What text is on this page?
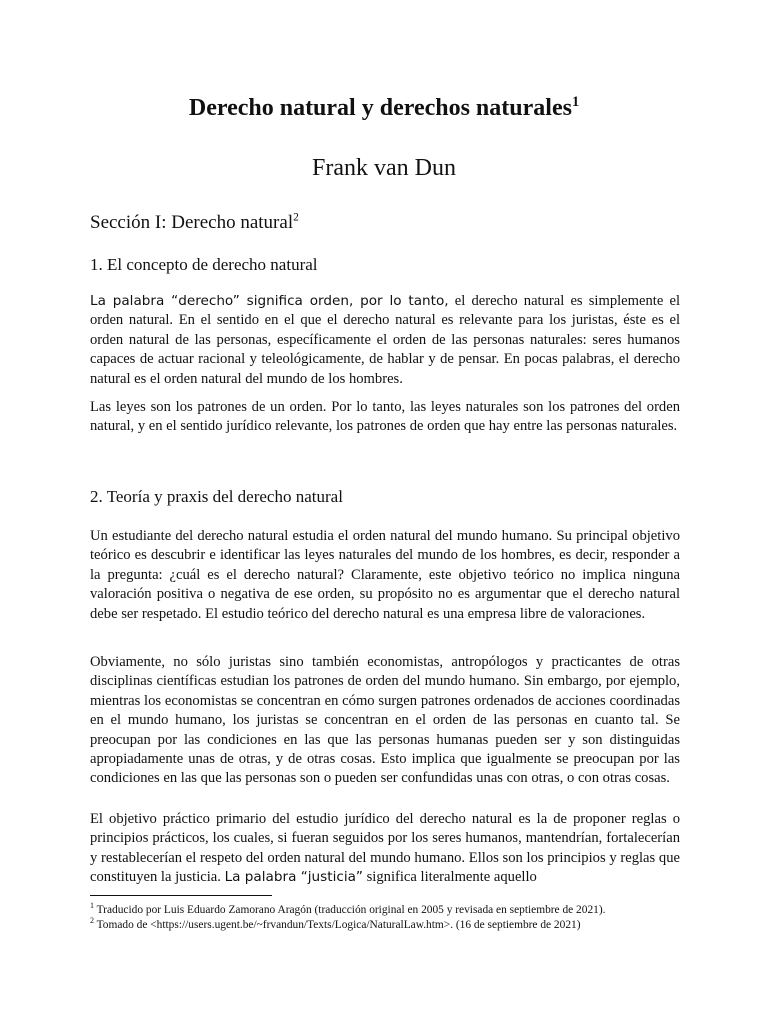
Derecho natural y derechos naturales$^1$
Frank van Dun
Sección I: Derecho natural$^2$
1. El concepto de derecho natural

La palabra “derecho” significa orden, por lo tanto, el derecho natural es simplemente el orden natural. En el sentido en el que el derecho natural es relevante para los juristas, éste es el orden natural de las personas, específicamente el orden de las personas naturales: seres humanos capaces de actuar racional y teleológicamente, de hablar y de pensar. En pocas palabras, el derecho natural es el orden natural del mundo de los hombres.

Las leyes son los patrones de un orden. Por lo tanto, las leyes naturales son los patrones del orden natural, y en el sentido jurídico relevante, los patrones de orden que hay entre las personas naturales.

2. Teoría y praxis del derecho natural

Un estudiante del derecho natural estudia el orden natural del mundo humano. Su principal objetivo teórico es descubrir e identificar las leyes naturales del mundo de los hombres, es decir, responder a la pregunta: ¿cuál es el derecho natural? Claramente, este objetivo teórico no implica ninguna valoración positiva o negativa de ese orden, su propósito no es argumentar que el derecho natural debe ser respetado. El estudio teórico del derecho natural es una empresa libre de valoraciones.

Obviamente, no sólo juristas sino también economistas, antropólogos y practicantes de otras disciplinas científicas estudian los patrones de orden del mundo humano. Sin embargo, por ejemplo, mientras los economistas se concentran en cómo surgen patrones ordenados de acciones coordinadas en el mundo humano, los juristas se concentran en el orden de las personas en cuanto tal. Se preocupan por las condiciones en las que las personas humanas pueden ser y son distinguidas apropiadamente unas de otras, y de otras cosas. Esto implica que igualmente se preocupan por las condiciones en las que las personas son o pueden ser confundidas unas con otras, o con otras cosas.

El objetivo práctico primario del estudio jurídico del derecho natural es la de proponer reglas o principios prácticos, los cuales, si fueran seguidos por los seres humanos, mantendrían, fortalecerían y restablecerían el respeto del orden natural del mundo humano. Ellos son los principios y reglas que constituyen la justicia. La palabra “justicia” significa literalmente aquello

$^1$ Traducido por Luis Eduardo Zamorano Aragón (traducción original en 2005 y revisada en septiembre de 2021).

$^2$ Tomado de <https://users.ugent.be/~frvandun/Texts/Logica/NaturalLaw.htm>. (16 de septiembre de 2021)
